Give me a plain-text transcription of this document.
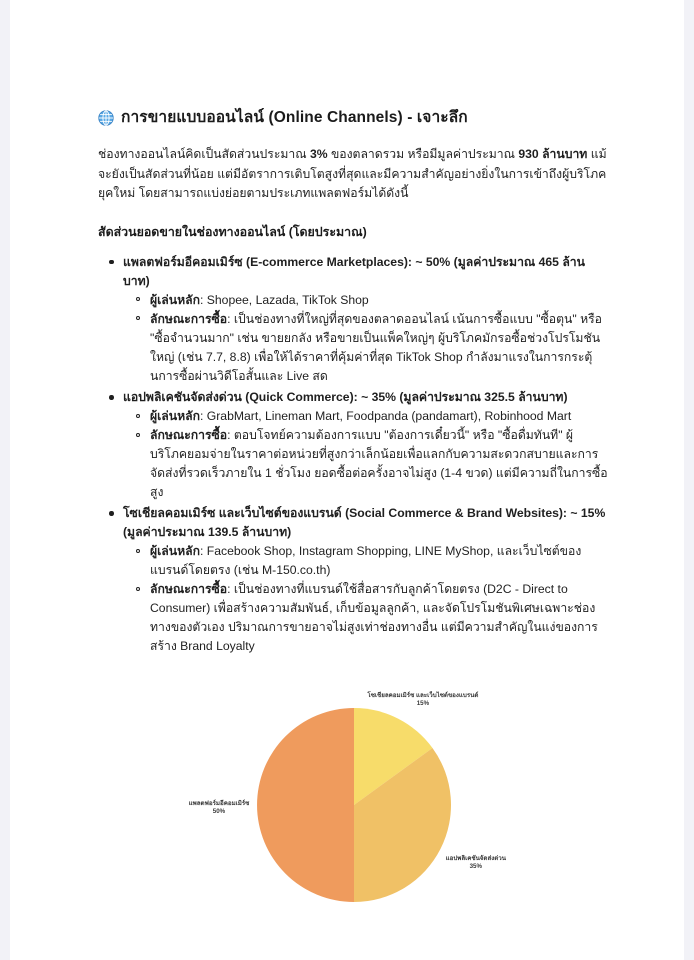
การขายแบบออนไลน์ (Online Channels) - เจาะลึก

ช่องทางออนไลน์คิดเป็นสัดส่วนประมาณ 3% ของตลาดรวม หรือมีมูลค่าประมาณ 930 ล้านบาท แม้จะยังเป็นสัดส่วนที่น้อย แต่มีอัตราการเติบโตสูงที่สุดและมีความสำคัญอย่างยิ่งในการเข้าถึงผู้บริโภคยุคใหม่ โดยสามารถแบ่งย่อยตามประเภทแพลตฟอร์มได้ดังนี้

สัดส่วนยอดขายในช่องทางออนไลน์ (โดยประมาณ)

แพลตฟอร์มอีคอมเมิร์ซ (E-commerce Marketplaces): ~ 50% (มูลค่าประมาณ 465 ล้านบาท)
ผู้เล่นหลัก: Shopee, Lazada, TikTok Shop
ลักษณะการซื้อ: เป็นช่องทางที่ใหญ่ที่สุดของตลาดออนไลน์ เน้นการซื้อแบบ "ซื้อตุน" หรือ "ซื้อจำนวนมาก" เช่น ขายยกลัง หรือขายเป็นแพ็คใหญ่ๆ ผู้บริโภคมักรอซื้อช่วงโปรโมชันใหญ่ (เช่น 7.7, 8.8) เพื่อให้ได้ราคาที่คุ้มค่าที่สุด TikTok Shop กำลังมาแรงในการกระตุ้นการซื้อผ่านวิดีโอสั้นและ Live สด
แอปพลิเคชันจัดส่งด่วน (Quick Commerce): ~ 35% (มูลค่าประมาณ 325.5 ล้านบาท)
ผู้เล่นหลัก: GrabMart, Lineman Mart, Foodpanda (pandamart), Robinhood Mart
ลักษณะการซื้อ: ตอบโจทย์ความต้องการแบบ "ต้องการเดี๋ยวนี้" หรือ "ซื้อดื่มทันที" ผู้บริโภคยอมจ่ายในราคาต่อหน่วยที่สูงกว่าเล็กน้อยเพื่อแลกกับความสะดวกสบายและการจัดส่งที่รวดเร็วภายใน 1 ชั่วโมง ยอดซื้อต่อครั้งอาจไม่สูง (1-4 ขวด) แต่มีความถี่ในการซื้อสูง
โซเชียลคอมเมิร์ซ และเว็บไซต์ของแบรนด์ (Social Commerce & Brand Websites): ~ 15% (มูลค่าประมาณ 139.5 ล้านบาท)
ผู้เล่นหลัก: Facebook Shop, Instagram Shopping, LINE MyShop, และเว็บไซต์ของแบรนด์โดยตรง (เช่น M-150.co.th)
ลักษณะการซื้อ: เป็นช่องทางที่แบรนด์ใช้สื่อสารกับลูกค้าโดยตรง (D2C - Direct to Consumer) เพื่อสร้างความสัมพันธ์, เก็บข้อมูลลูกค้า, และจัดโปรโมชันพิเศษเฉพาะช่องทางของตัวเอง ปริมาณการขายอาจไม่สูงเท่าช่องทางอื่น แต่มีความสำคัญในแง่ของการสร้าง Brand Loyalty
โซเชียลคอมเมิร์ซ และเว็บไซต์ของแบรนด์
15%
แอปพลิเคชันจัดส่งด่วน
35%
แพลตฟอร์มอีคอมเมิร์ซ
50%
